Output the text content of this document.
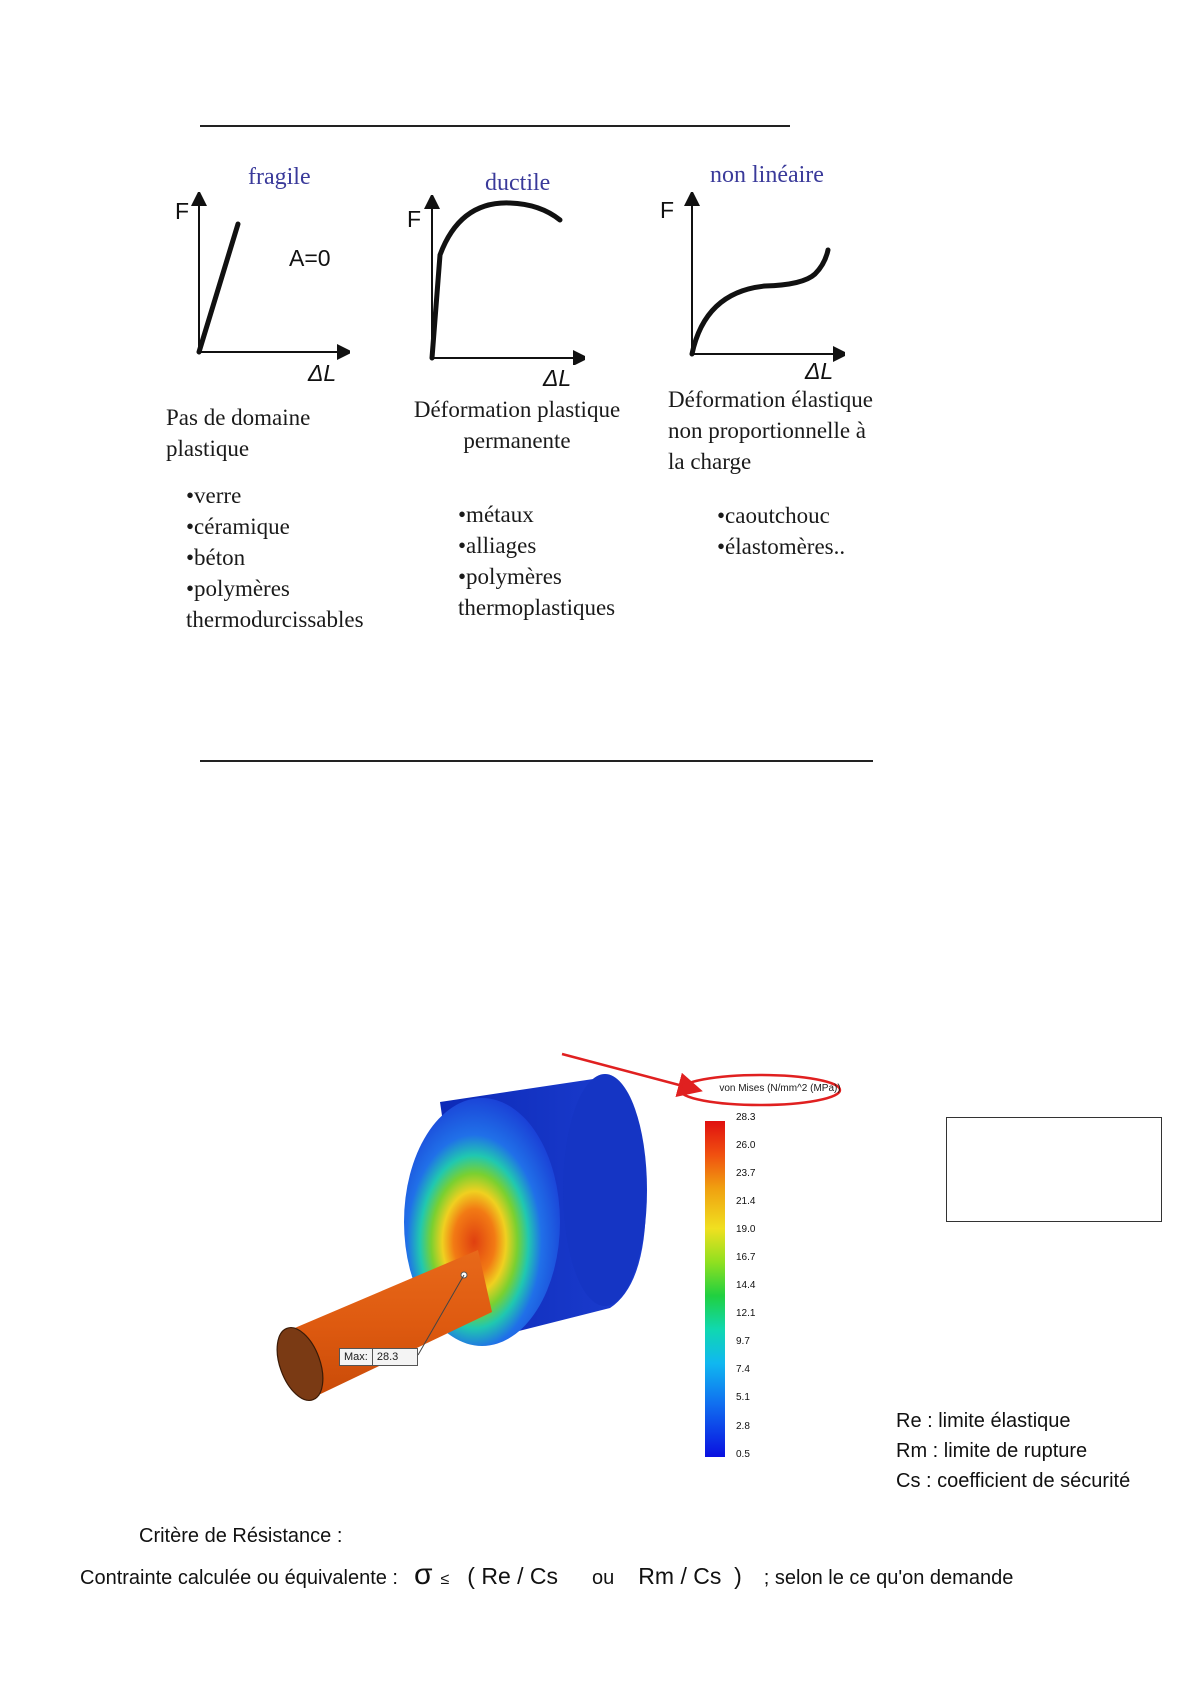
fragile
F
ΔL
A=0
Pas de domaine
plastique
•verre
•céramique
•béton
•polymères
thermodurcissables
ductile
F
ΔL
Déformation plastique
permanente
•métaux
•alliages
•polymères
thermoplastiques
non linéaire
F
ΔL
Déformation élastique
non proportionnelle à
la charge
•caoutchouc
•élastomères..
Max: 28.3
von Mises (N/mm^2 (MPa))
28.3
26.0
23.7
21.4
19.0
16.7
14.4
12.1
9.7
7.4
5.1
2.8
0.5
Re : limite élastique
Rm : limite de rupture
Cs : coefficient de sécurité
Critère de Résistance :
Contrainte calculée ou équivalente : σ ≤ ( Re / Cs ou Rm / Cs  ) ; selon le ce qu'on demande
